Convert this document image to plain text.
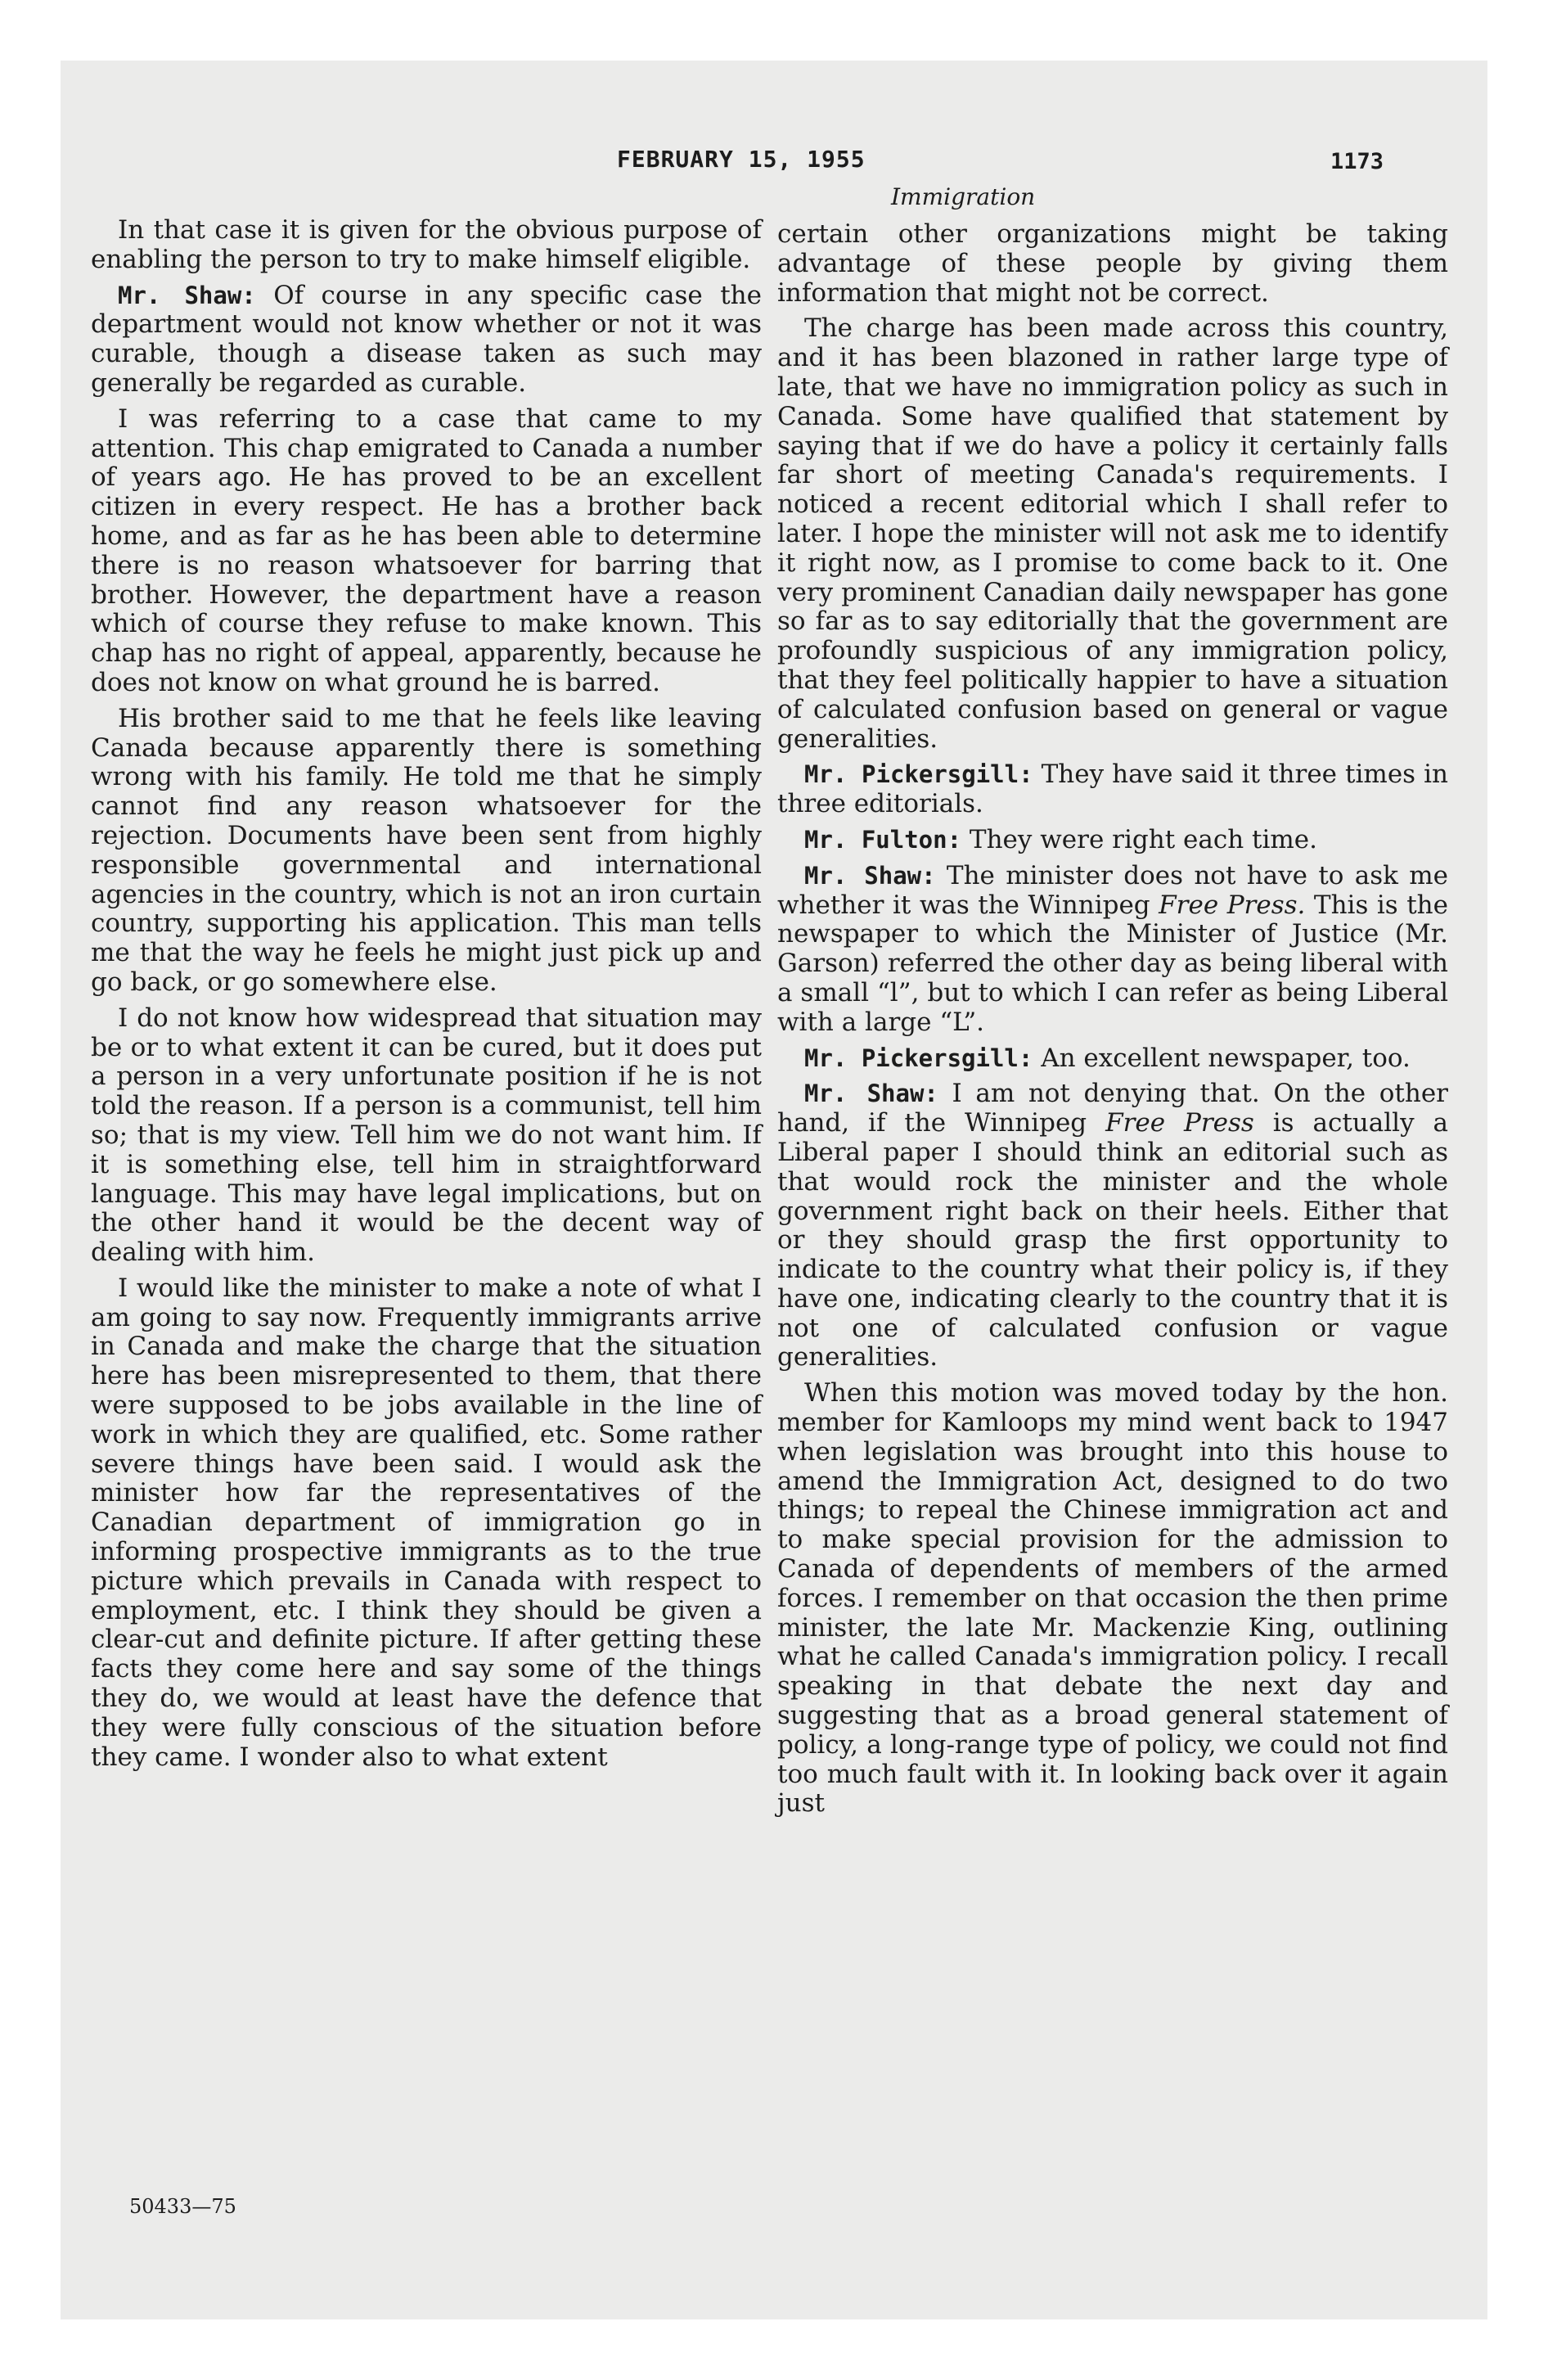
FEBRUARY 15, 1955	1173
Immigration

In that case it is given for the obvious purpose of enabling the person to try to make himself eligible.

Mr. Shaw: Of course in any specific case the department would not know whether or not it was curable, though a disease taken as such may generally be regarded as curable.

I was referring to a case that came to my attention. This chap emigrated to Canada a number of years ago. He has proved to be an excellent citizen in every respect. He has a brother back home, and as far as he has been able to determine there is no reason whatsoever for barring that brother. However, the department have a reason which of course they refuse to make known. This chap has no right of appeal, apparently, because he does not know on what ground he is barred.

His brother said to me that he feels like leaving Canada because apparently there is something wrong with his family. He told me that he simply cannot find any reason whatsoever for the rejection. Documents have been sent from highly responsible governmental and international agencies in the country, which is not an iron curtain country, supporting his application. This man tells me that the way he feels he might just pick up and go back, or go somewhere else.

I do not know how widespread that situation may be or to what extent it can be cured, but it does put a person in a very unfortunate position if he is not told the reason. If a person is a communist, tell him so; that is my view. Tell him we do not want him. If it is something else, tell him in straightforward language. This may have legal implications, but on the other hand it would be the decent way of dealing with him.

I would like the minister to make a note of what I am going to say now. Frequently immigrants arrive in Canada and make the charge that the situation here has been misrepresented to them, that there were supposed to be jobs available in the line of work in which they are qualified, etc. Some rather severe things have been said. I would ask the minister how far the representatives of the Canadian department of immigration go in informing prospective immigrants as to the true picture which prevails in Canada with respect to employment, etc. I think they should be given a clear-cut and definite picture. If after getting these facts they come here and say some of the things they do, we would at least have the defence that they were fully conscious of the situation before they came. I wonder also to what extent

certain other organizations might be taking advantage of these people by giving them information that might not be correct.

The charge has been made across this country, and it has been blazoned in rather large type of late, that we have no immigration policy as such in Canada. Some have qualified that statement by saying that if we do have a policy it certainly falls far short of meeting Canada's requirements. I noticed a recent editorial which I shall refer to later. I hope the minister will not ask me to identify it right now, as I promise to come back to it. One very prominent Canadian daily newspaper has gone so far as to say editorially that the government are profoundly suspicious of any immigration policy, that they feel politically happier to have a situation of calculated confusion based on general or vague generalities.

Mr. Pickersgill: They have said it three times in three editorials.

Mr. Fulton: They were right each time.

Mr. Shaw: The minister does not have to ask me whether it was the Winnipeg Free Press. This is the newspaper to which the Minister of Justice (Mr. Garson) referred the other day as being liberal with a small “l”, but to which I can refer as being Liberal with a large “L”.

Mr. Pickersgill: An excellent newspaper, too.

Mr. Shaw: I am not denying that. On the other hand, if the Winnipeg Free Press is actually a Liberal paper I should think an editorial such as that would rock the minister and the whole government right back on their heels. Either that or they should grasp the first opportunity to indicate to the country what their policy is, if they have one, indicating clearly to the country that it is not one of calculated confusion or vague generalities.

When this motion was moved today by the hon. member for Kamloops my mind went back to 1947 when legislation was brought into this house to amend the Immigration Act, designed to do two things; to repeal the Chinese immigration act and to make special provision for the admission to Canada of dependents of members of the armed forces. I remember on that occasion the then prime minister, the late Mr. Mackenzie King, outlining what he called Canada's immigration policy. I recall speaking in that debate the next day and suggesting that as a broad general statement of policy, a long-range type of policy, we could not find too much fault with it. In looking back over it again just

50433—75
